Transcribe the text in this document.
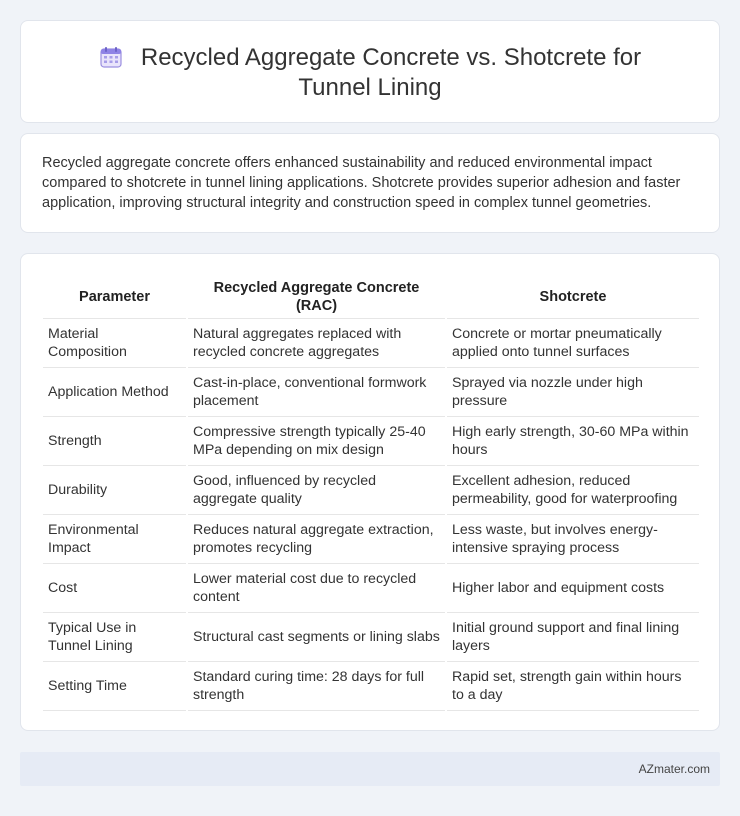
Recycled Aggregate Concrete vs. Shotcrete for Tunnel Lining

Recycled aggregate concrete offers enhanced sustainability and reduced environmental impact compared to shotcrete in tunnel lining applications. Shotcrete provides superior adhesion and faster application, improving structural integrity and construction speed in complex tunnel geometries.

Parameter	Recycled Aggregate Concrete (RAC)	Shotcrete
Material Composition	Natural aggregates replaced with recycled concrete aggregates	Concrete or mortar pneumatically applied onto tunnel surfaces
Application Method	Cast-in-place, conventional formwork placement	Sprayed via nozzle under high pressure
Strength	Compressive strength typically 25-40 MPa depending on mix design	High early strength, 30-60 MPa within hours
Durability	Good, influenced by recycled aggregate quality	Excellent adhesion, reduced permeability, good for waterproofing
Environmental Impact	Reduces natural aggregate extraction, promotes recycling	Less waste, but involves energy-intensive spraying process
Cost	Lower material cost due to recycled content	Higher labor and equipment costs
Typical Use in Tunnel Lining	Structural cast segments or lining slabs	Initial ground support and final lining layers
Setting Time	Standard curing time: 28 days for full strength	Rapid set, strength gain within hours to a day
AZmater.com
